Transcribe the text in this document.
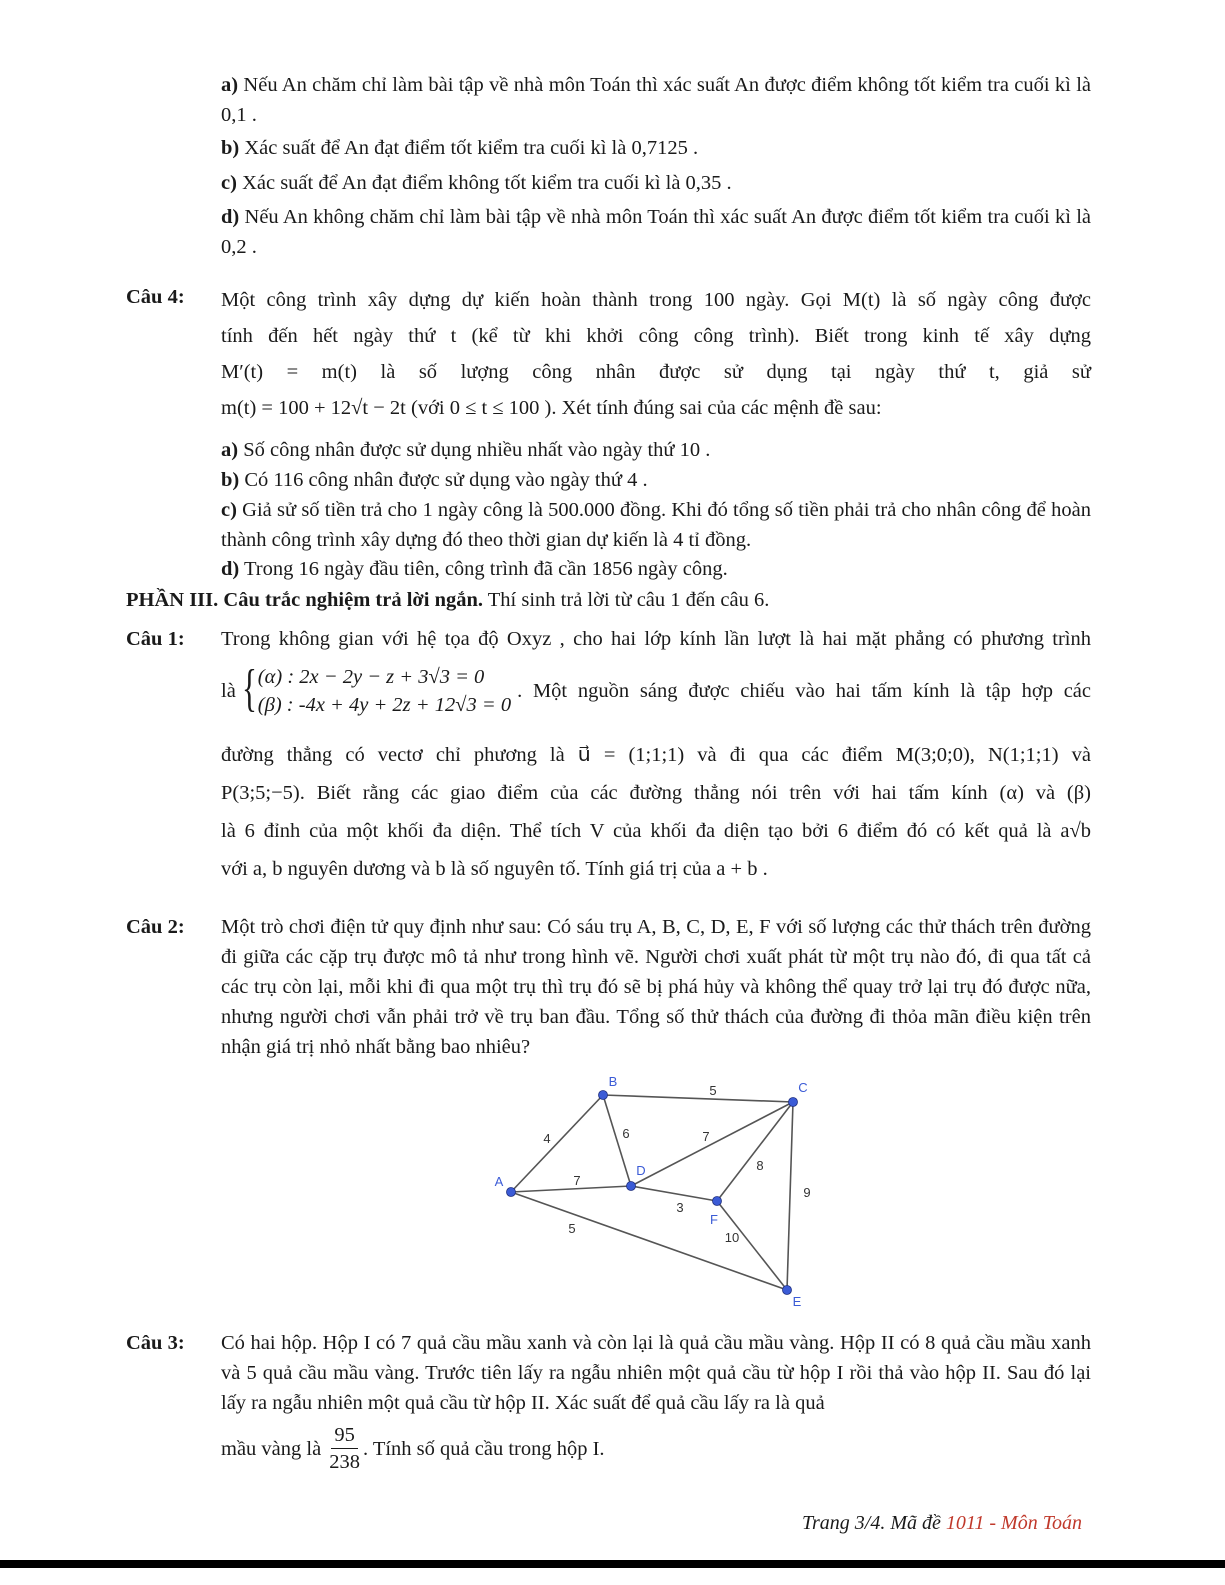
a) Nếu An chăm chỉ làm bài tập về nhà môn Toán thì xác suất An được điểm không tốt kiểm tra cuối kì là 0,1 .
b) Xác suất để An đạt điểm tốt kiểm tra cuối kì là 0,7125 .
c) Xác suất để An đạt điểm không tốt kiểm tra cuối kì là 0,35 .
d) Nếu An không chăm chỉ làm bài tập về nhà môn Toán thì xác suất An được điểm tốt kiểm tra cuối kì là 0,2 .
Câu 4: Một công trình xây dựng dự kiến hoàn thành trong 100 ngày. Gọi M(t) là số ngày công được
tính đến hết ngày thứ t (kể từ khi khởi công công trình). Biết trong kinh tế xây dựng
M′(t) = m(t) là số lượng công nhân được sử dụng tại ngày thứ t, giả sử
m(t) = 100 + 12√t − 2t (với 0 ≤ t ≤ 100 ). Xét tính đúng sai của các mệnh đề sau:
a) Số công nhân được sử dụng nhiều nhất vào ngày thứ 10 .
b) Có 116 công nhân được sử dụng vào ngày thứ 4 .
c) Giả sử số tiền trả cho 1 ngày công là 500.000 đồng. Khi đó tổng số tiền phải trả cho nhân công để hoàn thành công trình xây dựng đó theo thời gian dự kiến là 4 tỉ đồng.
d) Trong 16 ngày đầu tiên, công trình đã cần 1856 ngày công.
PHẦN III. Câu trắc nghiệm trả lời ngắn. Thí sinh trả lời từ câu 1 đến câu 6.
Câu 1: Trong không gian với hệ tọa độ Oxyz , cho hai lớp kính lần lượt là hai mặt phẳng có phương trình
là { (α) : 2x − 2y − z + 3√3 = 0
(β) : -4x + 4y + 2z + 12√3 = 0
. Một nguồn sáng được chiếu vào hai tấm kính là tập hợp các
đường thẳng có vectơ chỉ phương là u⃗ = (1;1;1) và đi qua các điểm M(3;0;0), N(1;1;1) và
P(3;5;−5). Biết rằng các giao điểm của các đường thẳng nói trên với hai tấm kính (α) và (β)
là 6 đỉnh của một khối đa diện. Thể tích V của khối đa diện tạo bởi 6 điểm đó có kết quả là a√b
với a, b nguyên dương và b là số nguyên tố. Tính giá trị của a + b .
Câu 2: Một trò chơi điện tử quy định như sau: Có sáu trụ A, B, C, D, E, F với số lượng các thử thách trên đường đi giữa các cặp trụ được mô tả như trong hình vẽ. Người chơi xuất phát từ một trụ nào đó, đi qua tất cả các trụ còn lại, mỗi khi đi qua một trụ thì trụ đó sẽ bị phá hủy và không thể quay trở lại trụ đó được nữa, nhưng người chơi vẫn phải trở về trụ ban đầu. Tổng số thử thách của đường đi thỏa mãn điều kiện trên nhận giá trị nhỏ nhất bằng bao nhiêu?
4
5
6	7
7
8
9
3
5
10
A
B	C
D
E
F
Câu 3: Có hai hộp. Hộp I có 7 quả cầu mầu xanh và còn lại là quả cầu mầu vàng. Hộp II có 8 quả cầu mầu xanh và 5 quả cầu mầu vàng. Trước tiên lấy ra ngẫu nhiên một quả cầu từ hộp I rồi thả vào hộp II. Sau đó lại lấy ra ngẫu nhiên một quả cầu từ hộp II. Xác suất để quả cầu lấy ra là quả
mầu vàng là $\frac{95}{238}$ . Tính số quả cầu trong hộp I.
Trang 3/4. Mã đề 1011 - Môn Toán
